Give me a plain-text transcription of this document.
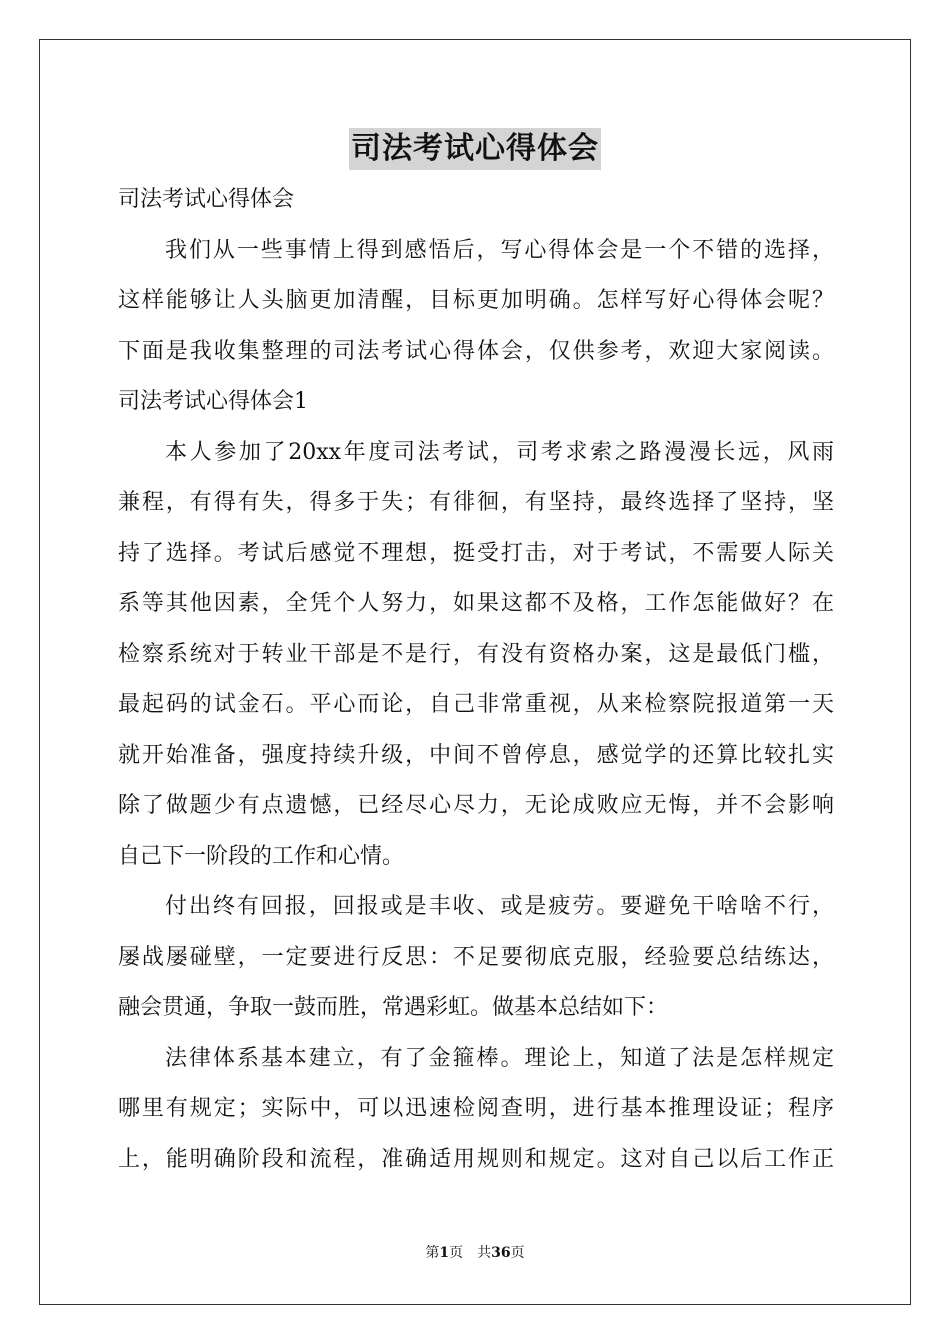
司法考试心得体会
司法考试心得体会
我们从一些事情上得到感悟后，写心得体会是一个不错的选择，
这样能够让人头脑更加清醒，目标更加明确。怎样写好心得体会呢？
下面是我收集整理的司法考试心得体会，仅供参考，欢迎大家阅读。
司法考试心得体会1
本人参加了20xx年度司法考试，司考求索之路漫漫长远，风雨
兼程，有得有失，得多于失；有徘徊，有坚持，最终选择了坚持，坚
持了选择。考试后感觉不理想，挺受打击，对于考试，不需要人际关
系等其他因素，全凭个人努力，如果这都不及格，工作怎能做好？在
检察系统对于转业干部是不是行，有没有资格办案，这是最低门槛，
最起码的试金石。平心而论，自己非常重视，从来检察院报道第一天
就开始准备，强度持续升级，中间不曾停息，感觉学的还算比较扎实
除了做题少有点遗憾，已经尽心尽力，无论成败应无悔，并不会影响
自己下一阶段的工作和心情。
付出终有回报，回报或是丰收、或是疲劳。要避免干啥啥不行，
屡战屡碰壁，一定要进行反思：不足要彻底克服，经验要总结练达，
融会贯通，争取一鼓而胜，常遇彩虹。做基本总结如下：
法律体系基本建立，有了金箍棒。理论上，知道了法是怎样规定
哪里有规定；实际中，可以迅速检阅查明，进行基本推理设证；程序
上，能明确阶段和流程，准确适用规则和规定。这对自己以后工作正
第1页　共36页
